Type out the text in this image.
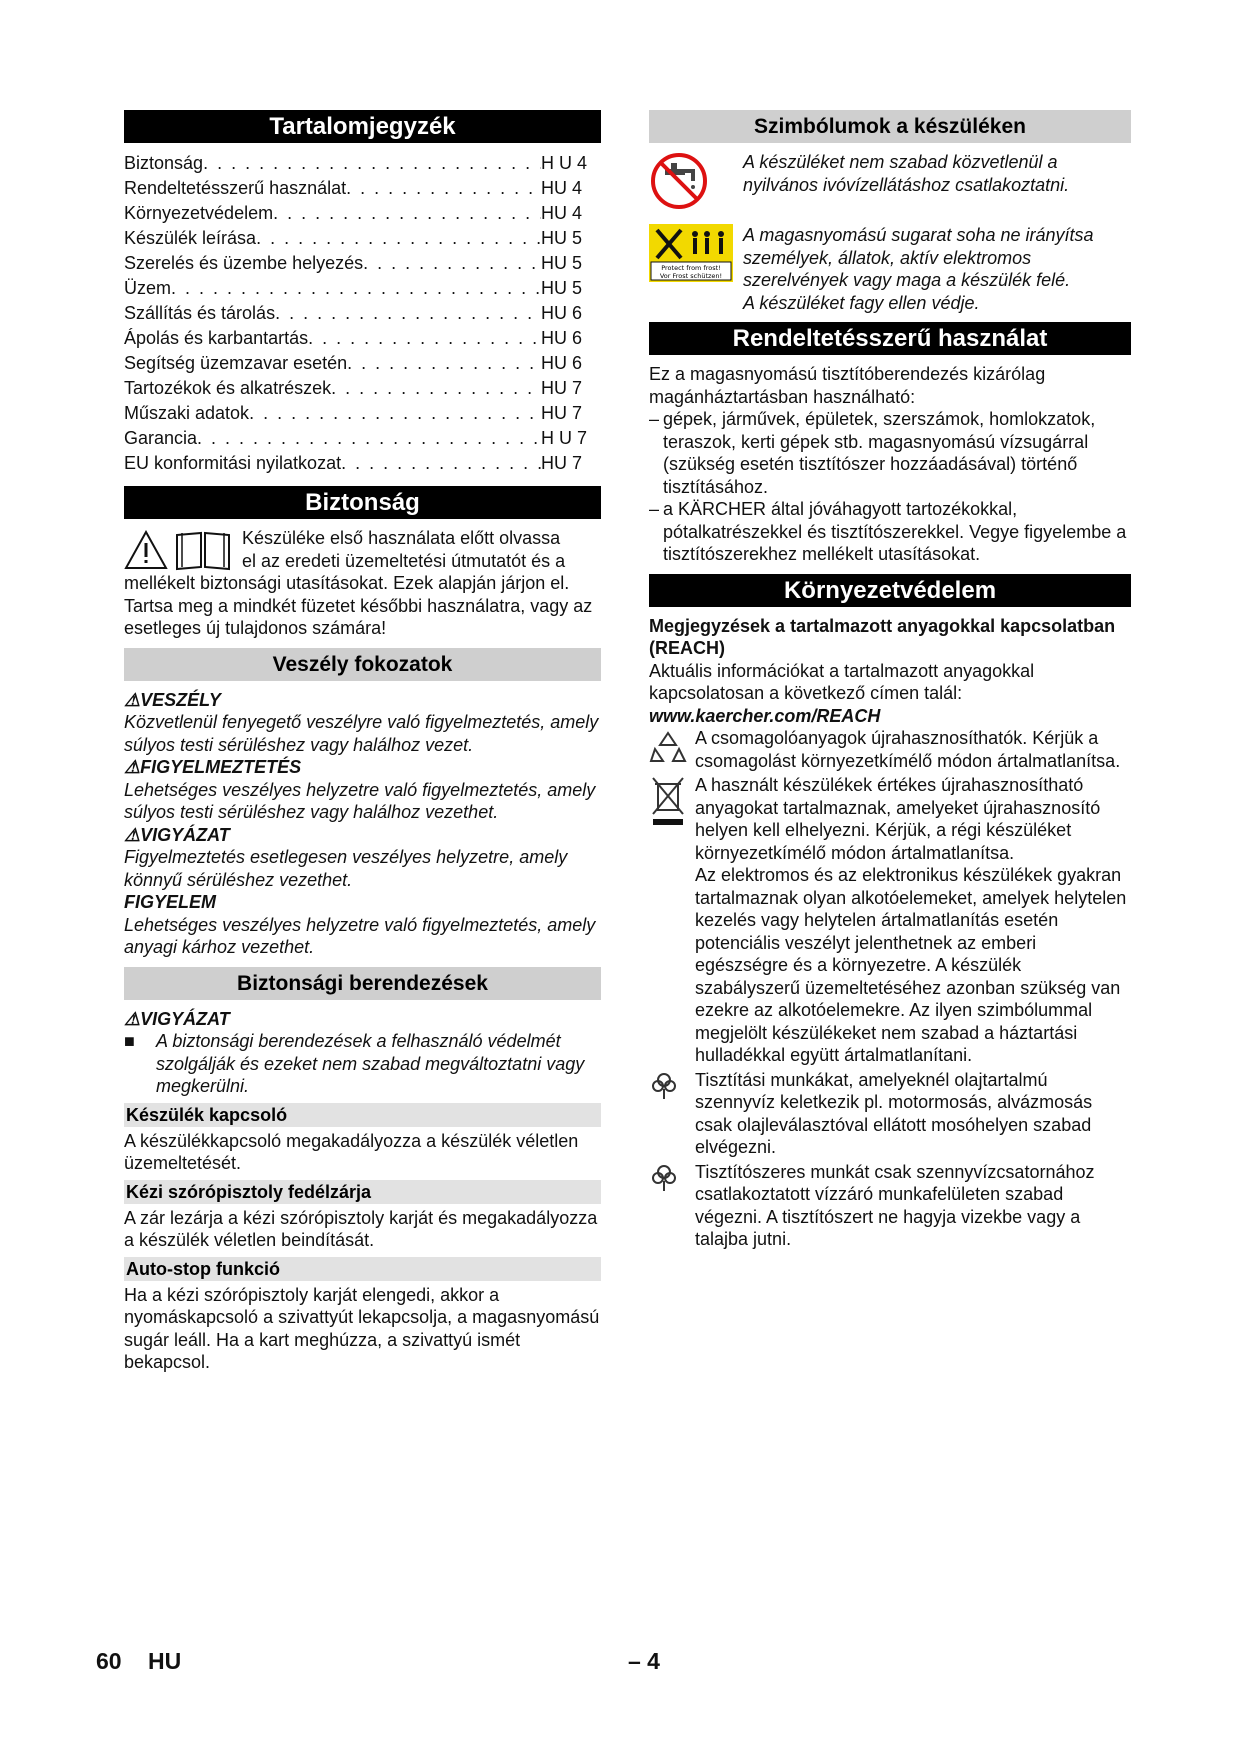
Tartalomjegyzék
Biztonság . . .	H U 4
Rendeltetésszerű használat . . .	HU 4
Környezetvédelem . . .	HU 4
Készülék leírása . . .	HU 5
Szerelés és üzembe helyezés . . .	HU 5
Üzem . . .	HU 5
Szállítás és tárolás . . .	HU 6
Ápolás és karbantartás . . .	HU 6
Segítség üzemzavar esetén . . .	HU 6
Tartozékok és alkatrészek . . .	HU 7
Műszaki adatok . . .	HU 7
Garancia . . .	H U 7
EU konformitási nyilatkozat . . .	HU 7
Biztonság

Készüléke első használata előtt olvassa

el az eredeti üzemeltetési útmutatót és a

mellékelt biztonsági utasításokat. Ezek alapján járjon el. Tartsa meg a mindkét füzetet későbbi használatra, vagy az esetleges új tulajdonos számára!

Veszély fokozatok

⚠VESZÉLY

Közvetlenül fenyegető veszélyre való figyelmeztetés, amely súlyos testi sérüléshez vagy halálhoz vezet.

⚠FIGYELMEZTETÉS

Lehetséges veszélyes helyzetre való figyelmeztetés, amely súlyos testi sérüléshez vagy halálhoz vezethet.

⚠VIGYÁZAT

Figyelmeztetés esetlegesen veszélyes helyzetre, amely könnyű sérüléshez vezethet.

FIGYELEM

Lehetséges veszélyes helyzetre való figyelmeztetés, amely anyagi kárhoz vezethet.

Biztonsági berendezések

⚠VIGYÁZAT

■	A biztonsági berendezések a felhasználó védelmét szolgálják és ezeket nem szabad megváltoztatni vagy megkerülni.
Készülék kapcsoló

A készülékkapcsoló megakadályozza a készülék véletlen üzemeltetését.

Kézi szórópisztoly fedélzárja

A zár lezárja a kézi szórópisztoly karját és megakadályozza a készülék véletlen beindítását.

Auto-stop funkció

Ha a kézi szórópisztoly karját elengedi, akkor a nyomáskapcsoló a szivattyút lekapcsolja, a magasnyomású sugár leáll. Ha a kart meghúzza, a szivattyú ismét bekapcsol.

Szimbólumok a készüléken

A készüléket nem szabad közvetlenül a nyilvános ivóvízellátáshoz csatlakoztatni.

Protect from frost!
Vor Frost schützen!

A magasnyomású sugarat soha ne irányítsa személyek, állatok, aktív elektromos szerelvények vagy maga a készülék felé.

A készüléket fagy ellen védje.

Rendeltetésszerű használat

Ez a magasnyomású tisztítóberendezés kizárólag magánháztartásban használható:

– gépek, járművek, épületek, szerszámok, homlokzatok, teraszok, kerti gépek stb. magasnyomású vízsugárral (szükség esetén tisztítószer hozzáadásával) történő tisztításához.
– a KÄRCHER által jóváhagyott tartozékokkal, pótalkatrészekkel és tisztítószerekkel. Vegye figyelembe a tisztítószerekhez mellékelt utasításokat.
Környezetvédelem

Megjegyzések a tartalmazott anyagokkal kapcsolatban (REACH)

Aktuális információkat a tartalmazott anyagokkal kapcsolatosan a következő címen talál:

www.kaercher.com/REACH

A csomagolóanyagok újrahasznosíthatók. Kérjük a csomagolást környezetkímélő módon ártalmatlanítsa.

A használt készülékek értékes újrahasznosítható anyagokat tartalmaznak, amelyeket újrahasznosító helyen kell elhelyezni. Kérjük, a régi készüléket környezetkímélő módon ártalmatlanítsa.

Az elektromos és az elektronikus készülékek gyakran tartalmaznak olyan alkotóelemeket, amelyek helytelen kezelés vagy helytelen ártalmatlanítás esetén potenciális veszélyt jelenthetnek az emberi egészségre és a környezetre. A készülék szabályszerű üzemeltetéséhez azonban szükség van ezekre az alkotóelemekre. Az ilyen szimbólummal megjelölt készülékeket nem szabad a háztartási hulladékkal együtt ártalmatlanítani.

Tisztítási munkákat, amelyeknél olajtartalmú szennyvíz keletkezik pl. motormosás, alvázmosás csak olajleválasztóval ellátott mosóhelyen szabad elvégezni.

Tisztítószeres munkát csak szennyvízcsatornához csatlakoztatott vízzáró munkafelületen szabad végezni. A tisztítószert ne hagyja vizekbe vagy a talajba jutni.

60 HU	– 4
